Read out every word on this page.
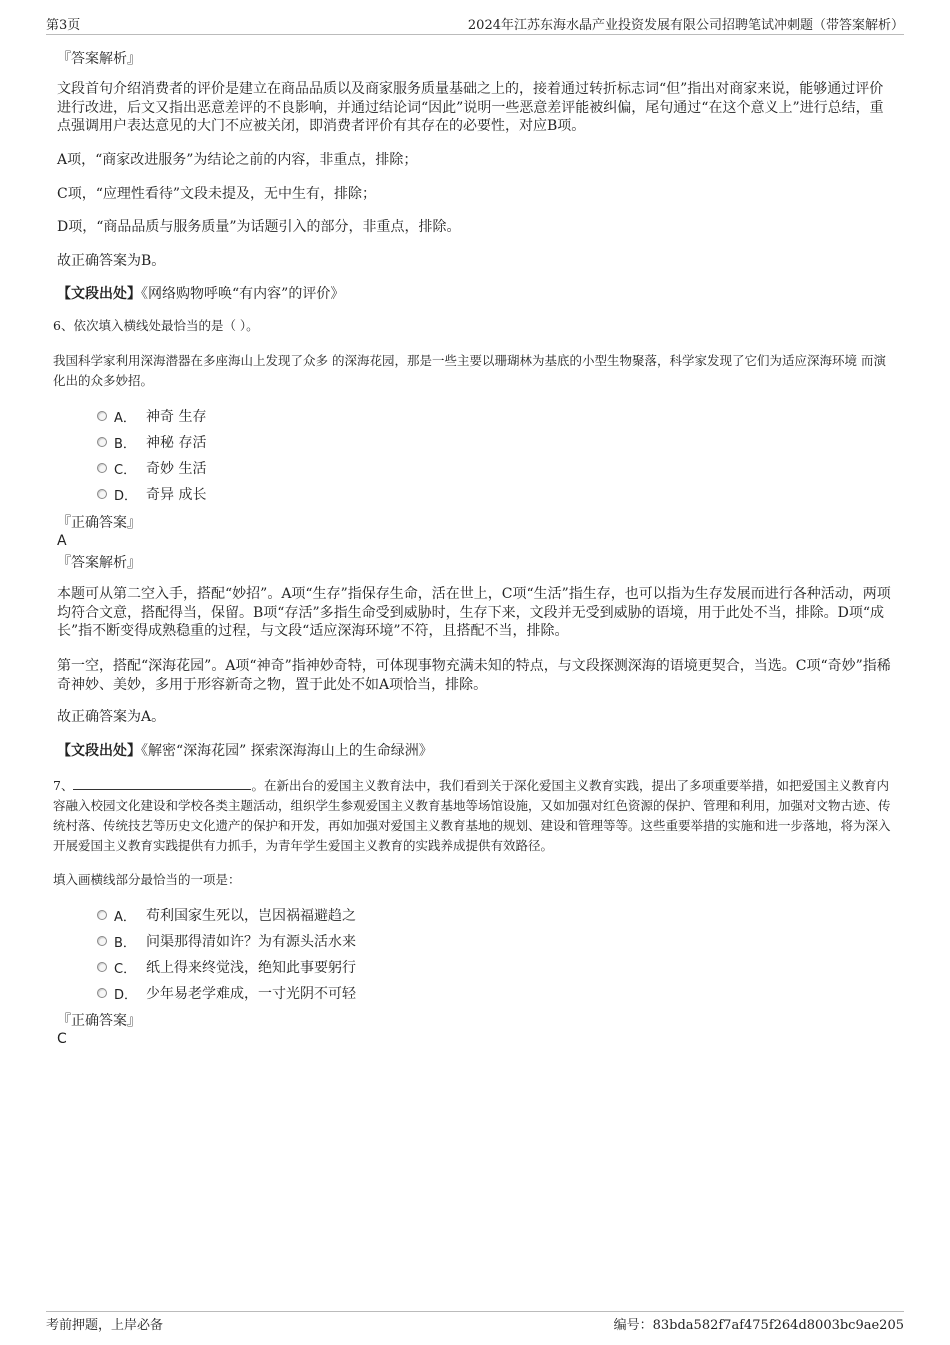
第3页	2024年江苏东海水晶产业投资发展有限公司招聘笔试冲刺题（带答案解析）

『答案解析』

文段首句介绍消费者的评价是建立在商品品质以及商家服务质量基础之上的，接着通过转折标志词“但”指出对商家来说，能够通过评价进行改进，后文又指出恶意差评的不良影响，并通过结论词“因此”说明一些恶意差评能被纠偏，尾句通过“在这个意义上”进行总结，重点强调用户表达意见的大门不应被关闭，即消费者评价有其存在的必要性，对应B项。

A项，“商家改进服务”为结论之前的内容，非重点，排除；

C项，“应理性看待”文段未提及，无中生有，排除；

D项，“商品品质与服务质量”为话题引入的部分，非重点，排除。

故正确答案为B。

【文段出处】《网络购物呼唤“有内容”的评价》

6、依次填入横线处最恰当的是（ ）。

我国科学家利用深海潜器在多座海山上发现了众多 的深海花园，那是一些主要以珊瑚林为基底的小型生物聚落，科学家发现了它们为适应深海环境 而演化出的众多妙招。

A． 神奇 生存
B． 神秘 存活
C． 奇妙 生活
D． 奇异 成长

『正确答案』

A

『答案解析』

本题可从第二空入手，搭配“妙招”。A项“生存”指保存生命，活在世上，C项“生活”指生存，也可以指为生存发展而进行各种活动，两项均符合文意，搭配得当，保留。B项“存活”多指生命受到威胁时，生存下来，文段并无受到威胁的语境，用于此处不当，排除。D项“成长”指不断变得成熟稳重的过程，与文段“适应深海环境”不符，且搭配不当，排除。

第一空，搭配“深海花园”。A项“神奇”指神妙奇特，可体现事物充满未知的特点，与文段探测深海的语境更契合，当选。C项“奇妙”指稀奇神妙、美妙，多用于形容新奇之物，置于此处不如A项恰当，排除。

故正确答案为A。

【文段出处】《解密“深海花园” 探索深海海山上的生命绿洲》

7、	。在新出台的爱国主义教育法中，我们看到关于深化爱国主义教育实践，提出了多项重要举措，如把爱国主义教育内容融入校园文化建设和学校各类主题活动，组织学生参观爱国主义教育基地等场馆设施，又如加强对红色资源的保护、管理和利用，加强对文物古迹、传统村落、传统技艺等历史文化遗产的保护和开发，再如加强对爱国主义教育基地的规划、建设和管理等等。这些重要举措的实施和进一步落地，将为深入开展爱国主义教育实践提供有力抓手，为青年学生爱国主义教育的实践养成提供有效路径。

填入画横线部分最恰当的一项是：

A． 苟利国家生死以，岂因祸福避趋之
B． 问渠那得清如许？为有源头活水来
C． 纸上得来终觉浅，绝知此事要躬行
D． 少年易老学难成，一寸光阴不可轻

『正确答案』

C

考前押题，上岸必备	编号：83bda582f7af475f264d8003bc9ae205
